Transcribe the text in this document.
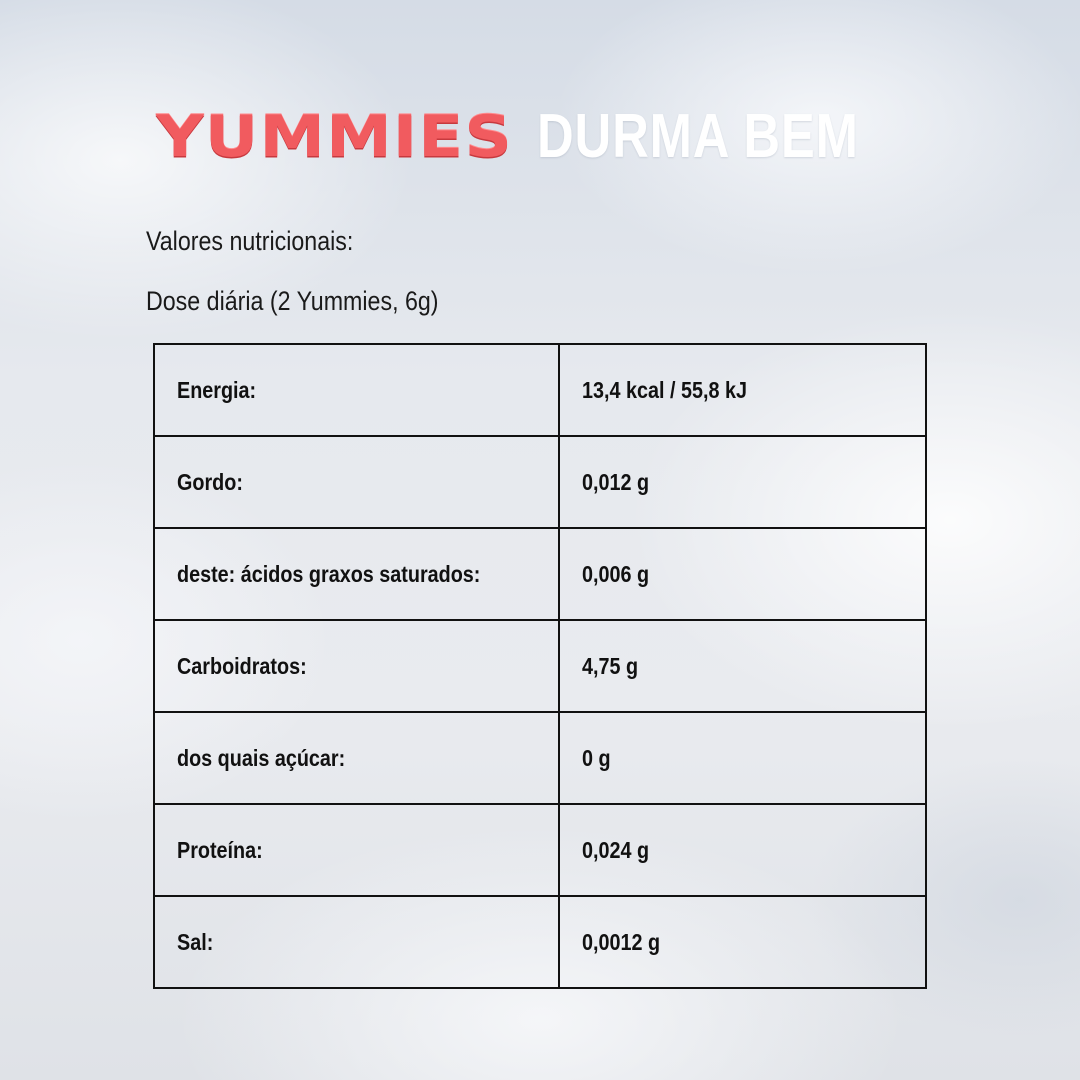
YUMMIES DURMA BEM
Valores nutricionais:
Dose diária (2 Yummies, 6g)
Energia:	13,4 kcal / 55,8 kJ
Gordo:	0,012 g
deste: ácidos graxos saturados:	0,006 g
Carboidratos:	4,75 g
dos quais açúcar:	0 g
Proteína:	0,024 g
Sal:	0,0012 g
